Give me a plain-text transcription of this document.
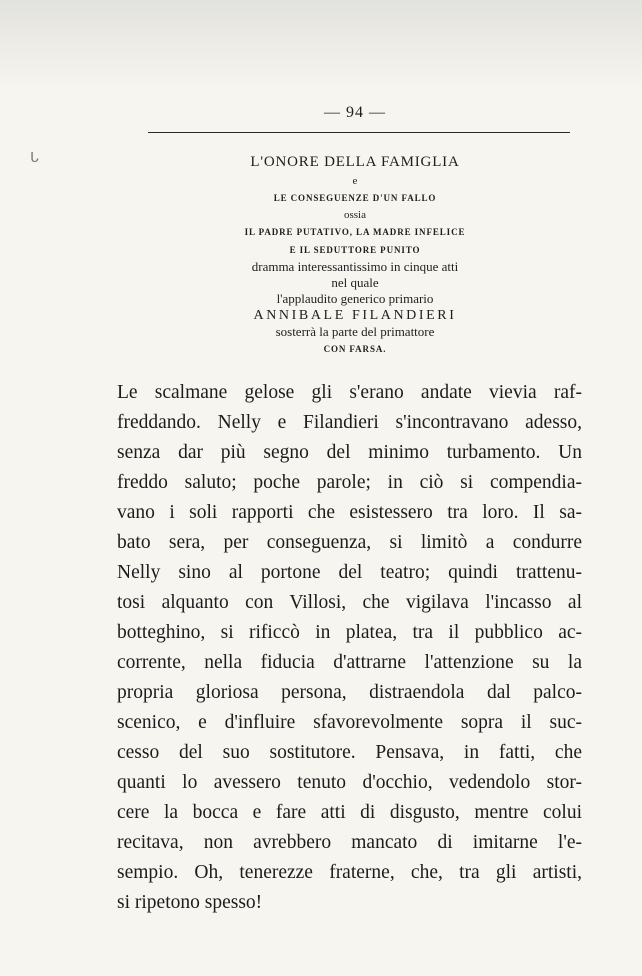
ᒐ
— 94 —
L'ONORE DELLA FAMIGLIA
e
LE CONSEGUENZE D'UN FALLO
ossia
IL PADRE PUTATIVO, LA MADRE INFELICE
E IL SEDUTTORE PUNITO
dramma interessantissimo in cinque atti
nel quale
l'applaudito generico primario
ANNIBALE FILANDIERI
sosterrà la parte del primattore
CON FARSA.
Le scalmane gelose gli s'erano andate vievia raf-
freddando. Nelly e Filandieri s'incontravano adesso,
senza dar più segno del minimo turbamento. Un
freddo saluto; poche parole; in ciò si compendia-
vano i soli rapporti che esistessero tra loro. Il sa-
bato sera, per conseguenza, si limitò a condurre
Nelly sino al portone del teatro; quindi trattenu-
tosi alquanto con Villosi, che vigilava l'incasso al
botteghino, si rificcò in platea, tra il pubblico ac-
corrente, nella fiducia d'attrarne l'attenzione su la
propria gloriosa persona, distraendola dal palco-
scenico, e d'influire sfavorevolmente sopra il suc-
cesso del suo sostitutore. Pensava, in fatti, che
quanti lo avessero tenuto d'occhio, vedendolo stor-
cere la bocca e fare atti di disgusto, mentre colui
recitava, non avrebbero mancato di imitarne l'e-
sempio. Oh, tenerezze fraterne, che, tra gli artisti,
si ripetono spesso!
